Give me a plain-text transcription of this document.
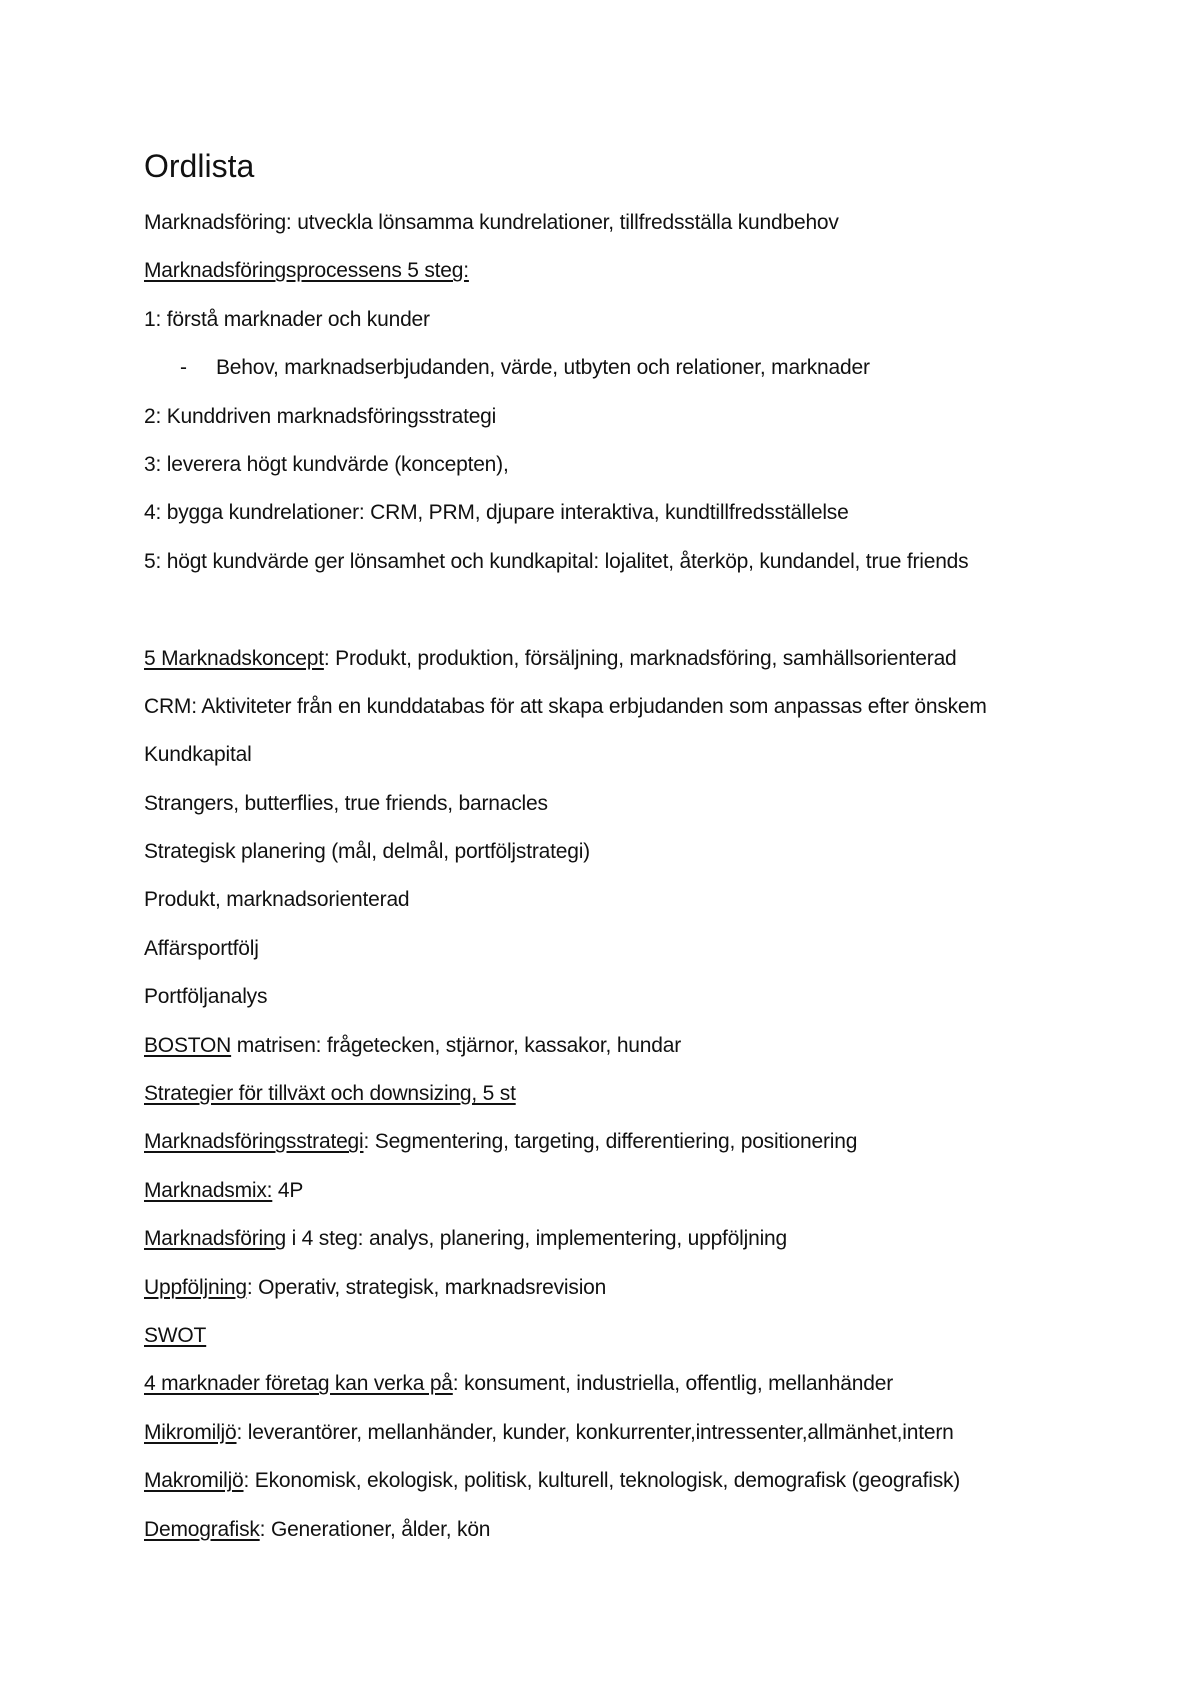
Ordlista
Marknadsföring: utveckla lönsamma kundrelationer, tillfredsställa kundbehov
Marknadsföringsprocessens 5 steg:
1: förstå marknader och kunder
- Behov, marknadserbjudanden, värde, utbyten och relationer, marknader
2: Kunddriven marknadsföringsstrategi
3: leverera högt kundvärde (koncepten),
4: bygga kundrelationer: CRM, PRM, djupare interaktiva, kundtillfredsställelse
5: högt kundvärde ger lönsamhet och kundkapital: lojalitet, återköp, kundandel, true friends
5 Marknadskoncept: Produkt, produktion, försäljning, marknadsföring, samhällsorienterad
CRM: Aktiviteter från en kunddatabas för att skapa erbjudanden som anpassas efter önskem
Kundkapital
Strangers, butterflies, true friends, barnacles
Strategisk planering (mål, delmål, portföljstrategi)
Produkt, marknadsorienterad
Affärsportfölj
Portföljanalys
BOSTON matrisen: frågetecken, stjärnor, kassakor, hundar
Strategier för tillväxt och downsizing, 5 st
Marknadsföringsstrategi: Segmentering, targeting, differentiering, positionering
Marknadsmix: 4P
Marknadsföring i 4 steg: analys, planering, implementering, uppföljning
Uppföljning: Operativ, strategisk, marknadsrevision
SWOT
4 marknader företag kan verka på: konsument, industriella, offentlig, mellanhänder
Mikromiljö: leverantörer, mellanhänder, kunder, konkurrenter,intressenter,allmänhet,intern
Makromiljö: Ekonomisk, ekologisk, politisk, kulturell, teknologisk, demografisk (geografisk)
Demografisk: Generationer, ålder, kön
